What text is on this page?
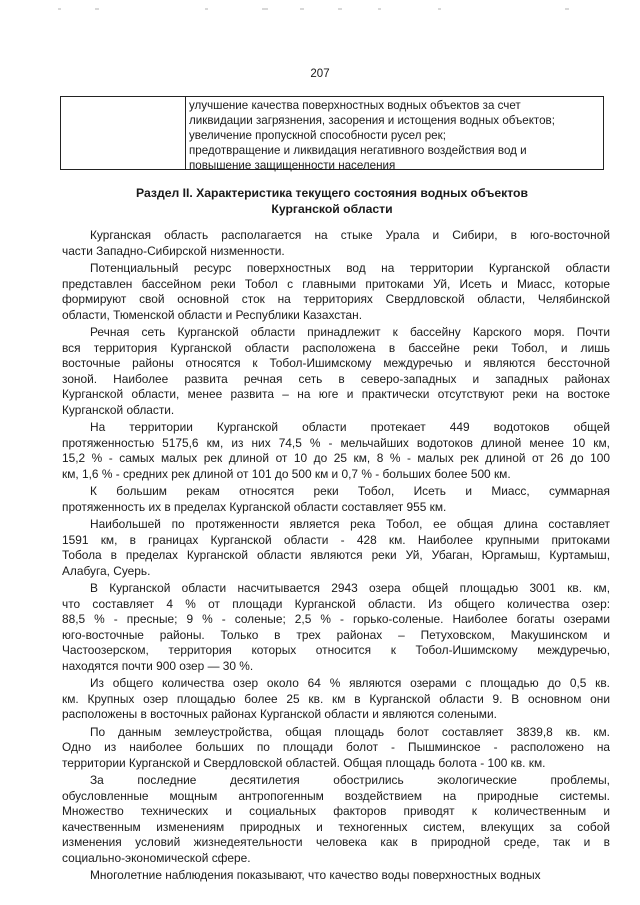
207
улучшение качества поверхностных водных объектов за счет
ликвидации загрязнения, засорения и истощения водных объектов;
увеличение пропускной способности русел рек;
предотвращение и ликвидация негативного воздействия вод и
повышение защищенности населения
Раздел II. Характеристика текущего состояния водных объектов
Курганской области
Курганская область располагается на стыке Урала и Сибири, в юго-восточной
части Западно-Сибирской низменности.
Потенциальный ресурс поверхностных вод на территории Курганской области
представлен бассейном реки Тобол с главными притоками Уй, Исеть и Миасс, которые
формируют свой основной сток на территориях Свердловской области, Челябинской
области, Тюменской области и Республики Казахстан.
Речная сеть Курганской области принадлежит к бассейну Карского моря. Почти
вся территория Курганской области расположена в бассейне реки Тобол, и лишь
восточные районы относятся к Тобол-Ишимскому междуречью и являются бессточной
зоной. Наиболее развита речная сеть в северо-западных и западных районах
Курганской области, менее развита – на юге и практически отсутствуют реки на востоке
Курганской области.
На территории Курганской области протекает 449 водотоков общей
протяженностью 5175,6 км, из них 74,5 % - мельчайших водотоков длиной менее 10 км,
15,2 % - самых малых рек длиной от 10 до 25 км, 8 % - малых рек длиной от 26 до 100
км, 1,6 % - средних рек длиной от 101 до 500 км и 0,7 % - больших более 500 км.
К большим рекам относятся реки Тобол, Исеть и Миасс, суммарная
протяженность их в пределах Курганской области составляет 955 км.
Наибольшей по протяженности является река Тобол, ее общая длина составляет
1591 км, в границах Курганской области - 428 км. Наиболее крупными притоками
Тобола в пределах Курганской области являются реки Уй, Убаган, Юргамыш, Куртамыш,
Алабуга, Суерь.
В Курганской области насчитывается 2943 озера общей площадью 3001 кв. км,
что составляет 4 % от площади Курганской области. Из общего количества озер:
88,5 % - пресные; 9 % - соленые; 2,5 % - горько-соленые. Наиболее богаты озерами
юго-восточные районы. Только в трех районах – Петуховском, Макушинском и
Частоозерском, территория которых относится к Тобол-Ишимскому междуречью,
находятся почти 900 озер — 30 %.
Из общего количества озер около 64 % являются озерами с площадью до 0,5 кв.
км. Крупных озер площадью более 25 кв. км в Курганской области 9. В основном они
расположены в восточных районах Курганской области и являются солеными.
По данным землеустройства, общая площадь болот составляет 3839,8 кв. км.
Одно из наиболее больших по площади болот - Пышминское - расположено на
территории Курганской и Свердловской областей. Общая площадь болота - 100 кв. км.
За последние десятилетия обострились экологические проблемы,
обусловленные мощным антропогенным воздействием на природные системы.
Множество технических и социальных факторов приводят к количественным и
качественным изменениям природных и техногенных систем, влекущих за собой
изменения условий жизнедеятельности человека как в природной среде, так и в
социально-экономической сфере.
Многолетние наблюдения показывают, что качество воды поверхностных водных
